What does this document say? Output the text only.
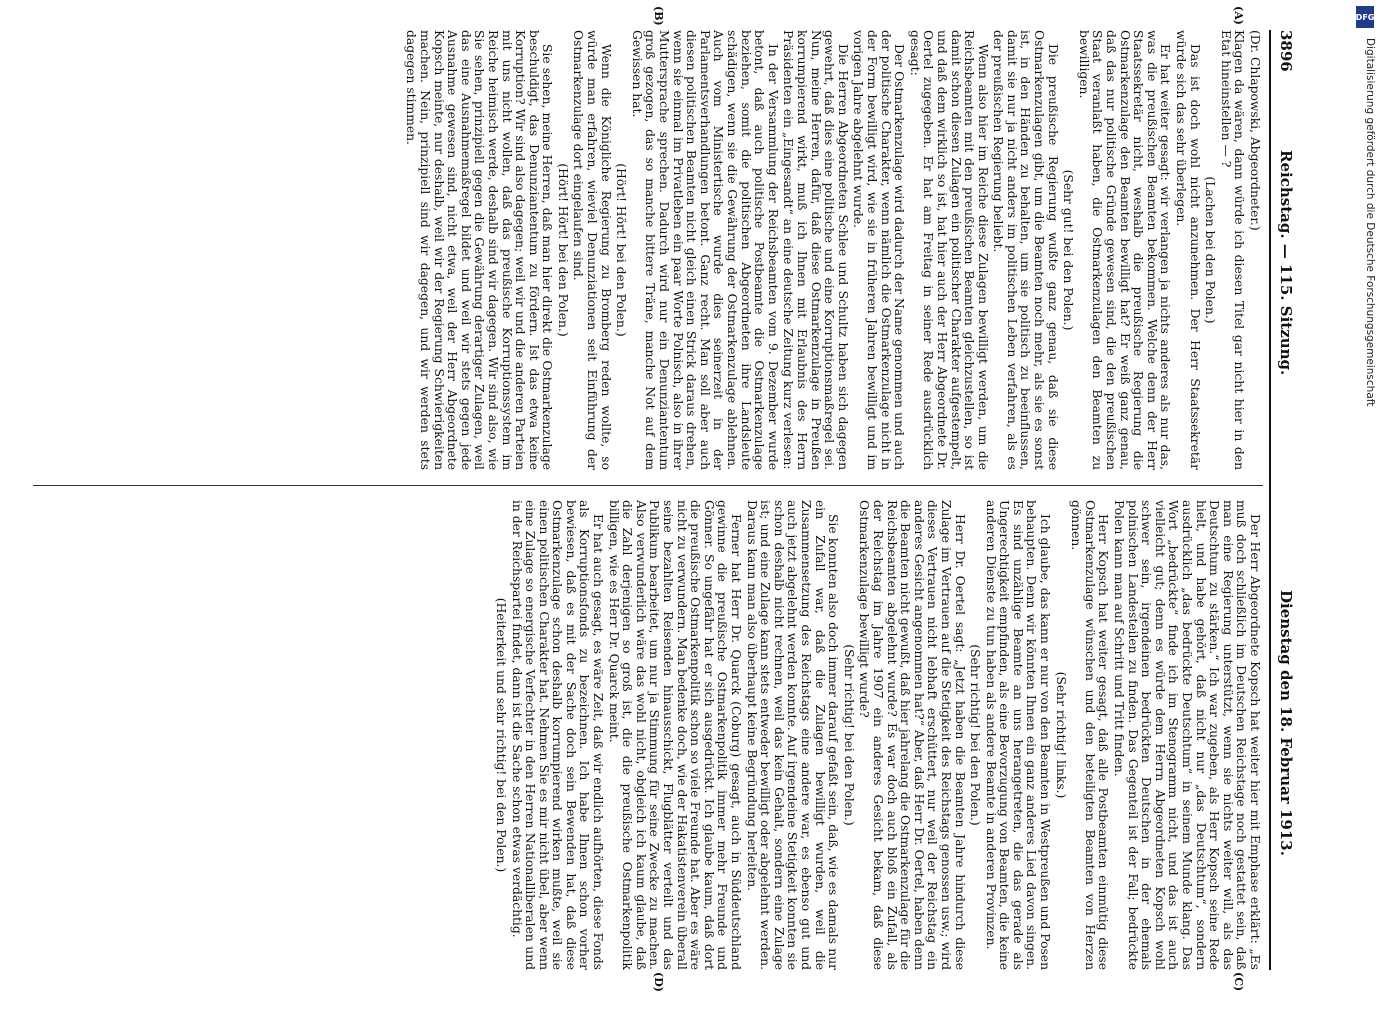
3896
Reichstag. — 115. Sitzung.
Dienstag den 18. Februar 1913.
(A)
(B)
(C)
(D)

(Dr. Chlapowski, Abgeordneter.)

Klagen da wären, dann würde ich diesen Titel gar nicht hier in den Etat hineinstellen — ?

(Lachen bei den Polen.)

Das ist doch wohl nicht anzunehmen. Der Herr Staatssekretär würde sich das sehr überlegen.

Er hat weiter gesagt: wir verlangen ja nichts anderes als nur das, was die preußischen Beamten bekommen. Welche denn der Herr Staatssekretär nicht, weshalb die preußische Regierung die Ostmarkenzulage den Beamten bewilligt hat? Er weiß ganz genau, daß das nur politische Gründe gewesen sind, die den preußischen Staat veranlaßt haben, die Ostmarkenzulagen den Beamten zu bewilligen.

(Sehr gut! bei den Polen.)

Die preußische Regierung wußte ganz genau, daß sie diese Ostmarkenzulagen gibt, um die Beamten noch mehr, als sie es sonst ist, in den Händen zu behalten, um sie politisch zu beeinflussen, damit sie nur ja nicht anders im politischen Leben verfahren, als es der preußischen Regierung beliebt.

Wenn also hier im Reiche diese Zulagen bewilligt werden, um die Reichsbeamten mit den preußischen Beamten gleichzustellen, so ist damit schon diesen Zulagen ein politischer Charakter aufgestempelt, und daß dem wirklich so ist, hat hier auch der Herr Abgeordnete Dr. Oertel zugegeben. Er hat am Freitag in seiner Rede ausdrücklich gesagt:

Der Ostmarkenzulage wird dadurch der Name genommen und auch der politische Charakter, wenn nämlich die Ostmarkenzulage nicht in der Form bewilligt wird, wie sie in früheren Jahren bewilligt und im vorigen Jahre abgelehnt wurde.

Die Herren Abgeordneten Schlee und Schultz haben sich dagegen gewehrt, daß dies eine politische und eine Korruptionsmaßregel sei. Nun, meine Herren, dafür, daß diese Ostmarkenzulage in Preußen korrumpierend wirkt, muß ich Ihnen mit Erlaubnis des Herrn Präsidenten ein „Eingesandt“ an eine deutsche Zeitung kurz verlesen:

In der Versammlung der Reichsbeamten vom 9. Dezember wurde betont, daß auch politische Postbeamte die Ostmarkenzulage beziehen, somit die politischen Abgeordneten ihre Landsleute schädigen, wenn sie die Gewährung der Ostmarkenzulage ablehnen. Auch vom Ministertische wurde dies seinerzeit in der Parlamentsverhandlungen betont. Ganz recht. Man soll aber auch diesen politischen Beamten nicht gleich einen Strick daraus drehen, wenn sie einmal im Privatleben ein paar Worte Polnisch, also in ihrer Muttersprache sprechen. Dadurch wird nur ein Denunziantentum groß gezogen, das so manche bittere Träne, manche Not auf dem Gewissen hat.

(Hört! Hört! bei den Polen.)

Wenn die Königliche Regierung zu Bromberg reden wollte, so würde man erfahren, wieviel Denunziationen seit Einführung der Ostmarkenzulage dort eingelaufen sind.

(Hört! Hört! bei den Polen.)

Sie sehen, meine Herren, daß man hier direkt die Ostmarkenzulage beschuldigt, das Denunziantentum zu fördern. Ist das etwa keine Korruption? Wir sind also dagegen; weil wir und die anderen Parteien mit uns nicht wollen, daß das preußische Korruptionssystem im Reiche heimisch werde, deshalb sind wir dagegen. Wir sind also, wie Sie sehen, prinzipiell gegen die Gewährung derartiger Zulagen, weil das eine Ausnahmemaßregel bildet und weil wir stets gegen jede Ausnahme gewesen sind, nicht etwa, weil der Herr Abgeordnete Kopsch meinte, nur deshalb, weil wir der Regierung Schwierigkeiten machen. Nein, prinzipiell sind wir dagegen, und wir werden stets dagegen stimmen.

Der Herr Abgeordnete Kopsch hat weiter hier mit Emphase erklärt: „Es muß doch schließlich im Deutschen Reichstage noch gestattet sein, daß man eine Regierung unterstützt, wenn sie nichts weiter will, als das Deutschtum zu stärken.“ Ich war zugeben, als Herr Kopsch seine Rede hielt, und habe gehört, daß nicht nur „das Deutschtum“, sondern ausdrücklich „das bedrückte Deutschtum“ in seinem Munde klang. Das Wort „bedrückte“ finde ich im Stenogramm nicht, und das ist auch vielleicht gut; denn es würde dem Herrn Abgeordneten Kopsch wohl schwer sein, irgendeinen bedrückten Deutschen in der ehemals polnischen Landesteilen zu finden. Das Gegenteil ist der Fall; bedrückte Polen kann man auf Schritt und Tritt finden.

Herr Kopsch hat weiter gesagt, daß alle Postbeamten einmütig diese Ostmarkenzulage wünschen und den beteiligten Beamten von Herzen gönnen.

(Sehr richtig! links.)

Ich glaube, das kann er nur von den Beamten in Westpreußen und Posen behaupten. Denn wir könnten Ihnen ein ganz anderes Lied davon singen. Es sind unzählige Beamte an uns herangetreten, die das gerade als Ungerechtigkeit empfinden, als eine Bevorzugung von Beamten, die keine anderen Dienste zu tun haben als andere Beamte in anderen Provinzen.

(Sehr richtig! bei den Polen.)

Herr Dr. Oertel sagt: „Jetzt haben die Beamten Jahre hindurch diese Zulage im Vertrauen auf die Stetigkeit des Reichstags genossen usw.; wird dieses Vertrauen nicht lebhaft erschüttert, nur weil der Reichstag ein anderes Gesicht angenommen hat?“ Aber, daß Herr Dr. Oertel, haben denn die Beamten nicht gewußt, daß hier jahrelang die Ostmarkenzulage für die Reichsbeamten abgelehnt wurde? Es war doch auch bloß ein Zufall, als der Reichstag im Jahre 1907 ein anderes Gesicht bekam, daß diese Ostmarkenzulage bewilligt wurde?

(Sehr richtig! bei den Polen.)

Sie konnten also doch immer darauf gefaßt sein, daß, wie es damals nur ein Zufall war, daß die Zulagen bewilligt wurden, weil die Zusammensetzung des Reichstags eine andere war, es ebenso gut und auch jetzt abgelehnt werden konnte. Auf irgendeine Stetigkeit konnten sie schon deshalb nicht rechnen, weil das kein Gehalt, sondern eine Zulage ist; und eine Zulage kann stets entweder bewilligt oder abgelehnt werden. Daraus kann man also überhaupt keine Begründung herleiten.

Ferner hat Herr Dr. Quarck (Coburg) gesagt, auch in Süddeutschland gewinne die preußische Ostmarkenpolitik immer mehr Freunde und Gönner. So ungefähr hat er sich ausgedrückt. Ich glaube kaum, daß dort die preußische Ostmarkenpolitik schon so viele Freunde hat. Aber es wäre nicht zu verwundern. Man bedenke doch, wie der Hakatistenverein überall seine bezahlten Reisenden hinausschickt, Flugblätter verteilt und das Publikum bearbeitet, um nur ja Stimmung für seine Zwecke zu machen. Also verwunderlich wäre das wohl nicht, obgleich ich kaum glaube, daß die Zahl derjenigen so groß ist, die die preußische Ostmarkenpolitik billigen, wie es Herr Dr. Quarck meint.

Er hat auch gesagt, es wäre Zeit, daß wir endlich aufhörten, diese Fonds als Korruptionsfonds zu bezeichnen. Ich habe Ihnen schon vorher bewiesen, daß es mit der Sache doch sein Bewenden hat, daß diese Ostmarkenzulage schon deshalb korrumpierend wirken mußte, weil sie einen politischen Charakter hat. Nehmen Sie es mir nicht übel, aber wenn eine Zulage so energische Verfechter in den Herren Nationalliberalen und in der Reichspartei findet, dann ist die Sache schon etwas verdächtig.

(Heiterkeit und sehr richtig! bei den Polen.)

DFG
Digitalisierung gefördert durch die Deutsche Forschungsgemeinschaft
